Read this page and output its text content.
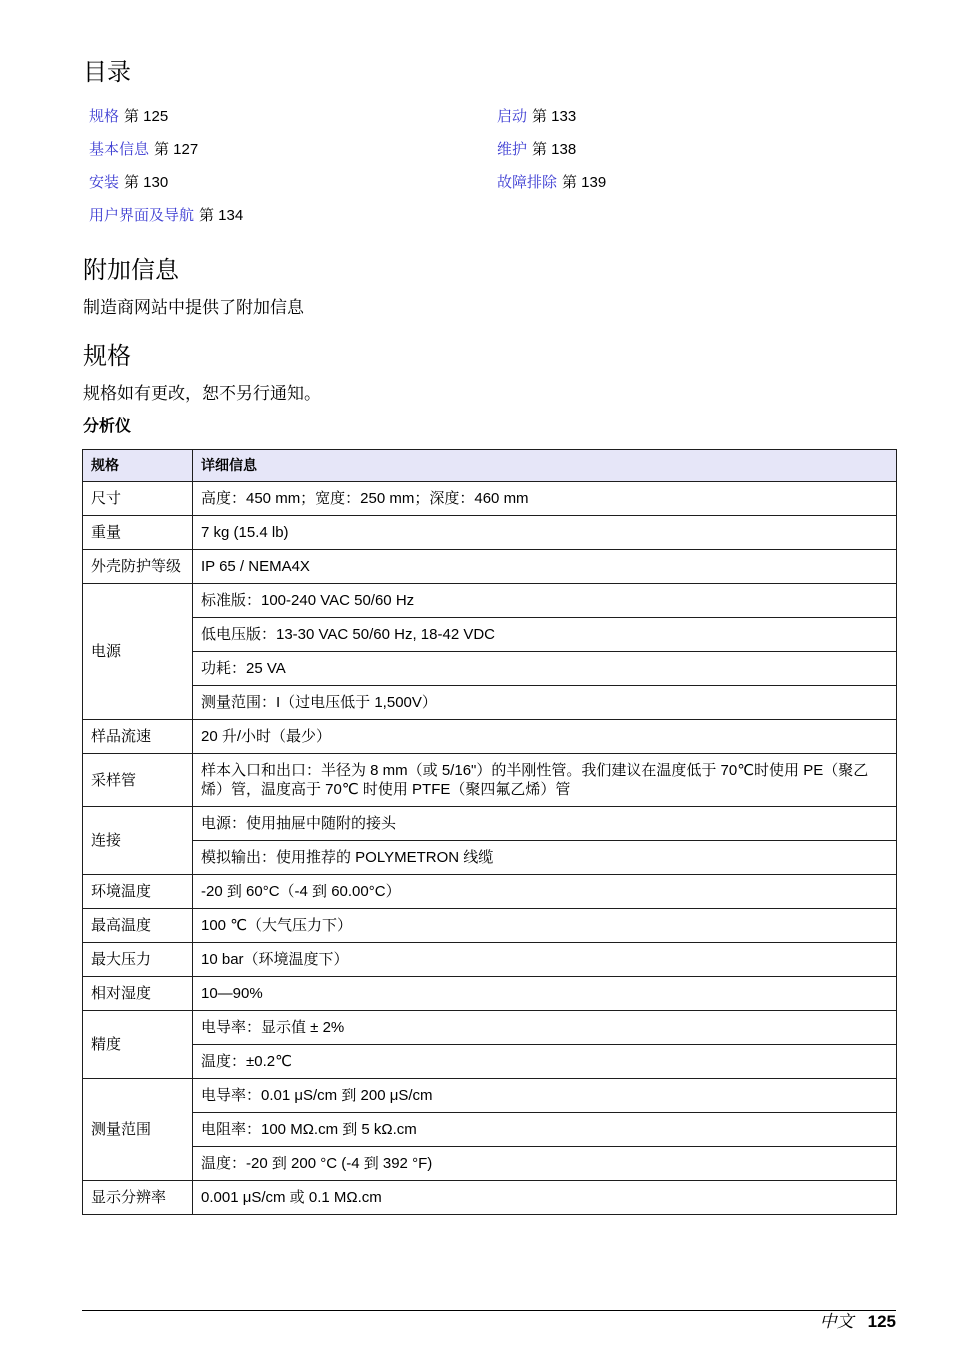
目录
规格 第 125
基本信息 第 127
安装 第 130
用户界面及导航 第 134
启动 第 133
维护 第 138
故障排除 第 139
附加信息

制造商网站中提供了附加信息

规格

规格如有更改，恕不另行通知。

分析仪
规格	详细信息
尺寸	高度：450 mm；宽度：250 mm；深度：460 mm
重量	7 kg (15.4 lb)
外壳防护等级	IP 65 / NEMA4X
电源	标准版：100-240 VAC 50/60 Hz
	低电压版：13-30 VAC 50/60 Hz, 18-42 VDC
	功耗：25 VA
	测量范围：I（过电压低于 1,500V）
样品流速	20 升/小时（最少）
采样管	样本入口和出口：半径为 8 mm（或 5/16"）的半刚性管。我们建议在温度低于 70℃时使用 PE（聚乙烯）管，温度高于 70℃ 时使用 PTFE（聚四氟乙烯）管
连接	电源：使用抽屉中随附的接头
	模拟输出：使用推荐的 POLYMETRON 线缆
环境温度	-20 到 60°C（-4 到 60.00°C）
最高温度	100 ℃（大气压力下）
最大压力	10 bar（环境温度下）
相对湿度	10—90%
精度	电导率：显示值 ± 2%
	温度：±0.2℃
测量范围	电导率：0.01 μS/cm 到 200 μS/cm
	电阻率：100 MΩ.cm 到 5 kΩ.cm
	温度：-20 到 200 °C (-4 到 392 °F)
显示分辨率	0.001 μS/cm 或 0.1 MΩ.cm
中文 125
